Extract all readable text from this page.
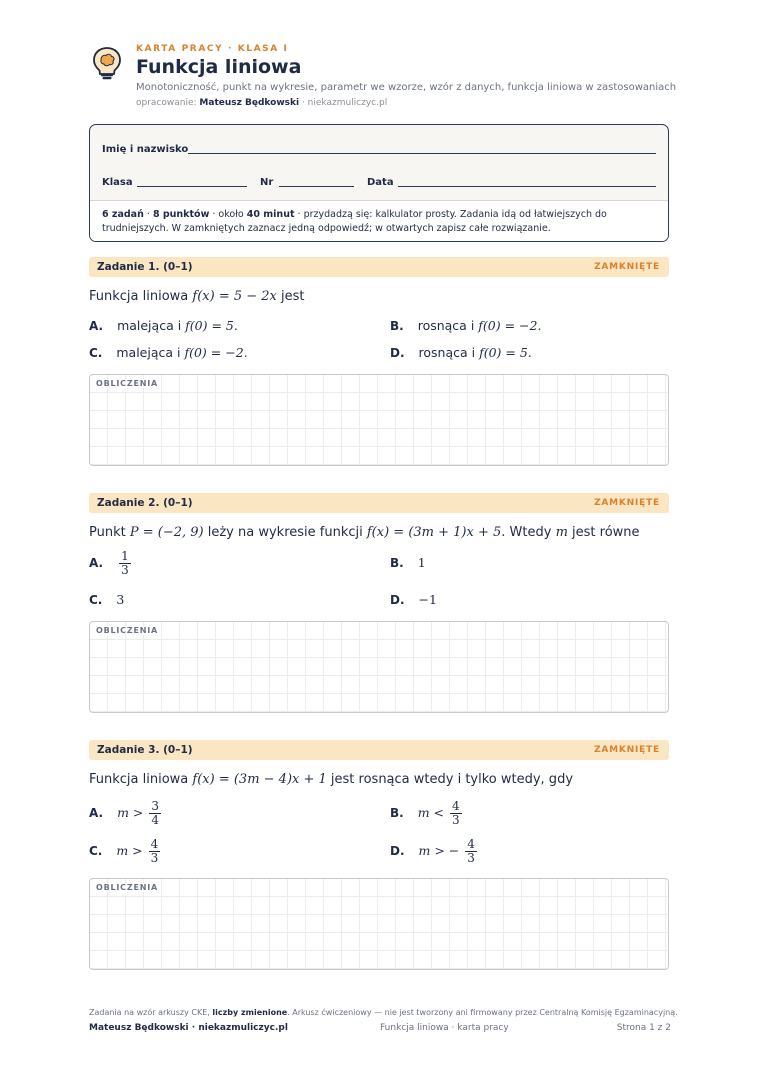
KARTA PRACY · KLASA I
Funkcja liniowa
Monotoniczność, punkt na wykresie, parametr we wzorze, wzór z danych, funkcja liniowa w zastosowaniach
opracowanie: Mateusz Będkowski · niekazmuliczyc.pl
Imię i nazwisko
Klasa	Nr	Data
6 zadań · 8 punktów · około 40 minut · przydadzą się: kalkulator prosty. Zadania idą od łatwiejszych do
trudniejszych. W zamkniętych zaznacz jedną odpowiedź; w otwartych zapisz całe rozwiązanie.
Zadanie 1. (0–1)	ZAMKNIĘTE
Funkcja liniowa f(x) = 5 − 2x jest
A. malejąca i f(0) = 5.	B. rosnąca i f(0) = −2.
C. malejąca i f(0) = −2.	D. rosnąca i f(0) = 5.
OBLICZENIA
Zadanie 2. (0–1)	ZAMKNIĘTE
Punkt P = (−2, 9) leży na wykresie funkcji f(x) = (3m + 1)x + 5. Wtedy m jest równe
A. $\frac{1}{3}$	B. 1
C. 3	D. −1
OBLICZENIA
Zadanie 3. (0–1)	ZAMKNIĘTE
Funkcja liniowa f(x) = (3m − 4)x + 1 jest rosnąca wtedy i tylko wtedy, gdy
A. $m > \frac{3}{4}$	B. $m < \frac{4}{3}$
C. $m > \frac{4}{3}$	D. m > − $\frac{4}{3}$
OBLICZENIA
Zadania na wzór arkuszy CKE, liczby zmienione. Arkusz ćwiczeniowy — nie jest tworzony ani firmowany przez Centralną Komisję Egzaminacyjną.
Mateusz Będkowski · niekazmuliczyc.pl	Funkcja liniowa · karta pracy	Strona 1 z 2
